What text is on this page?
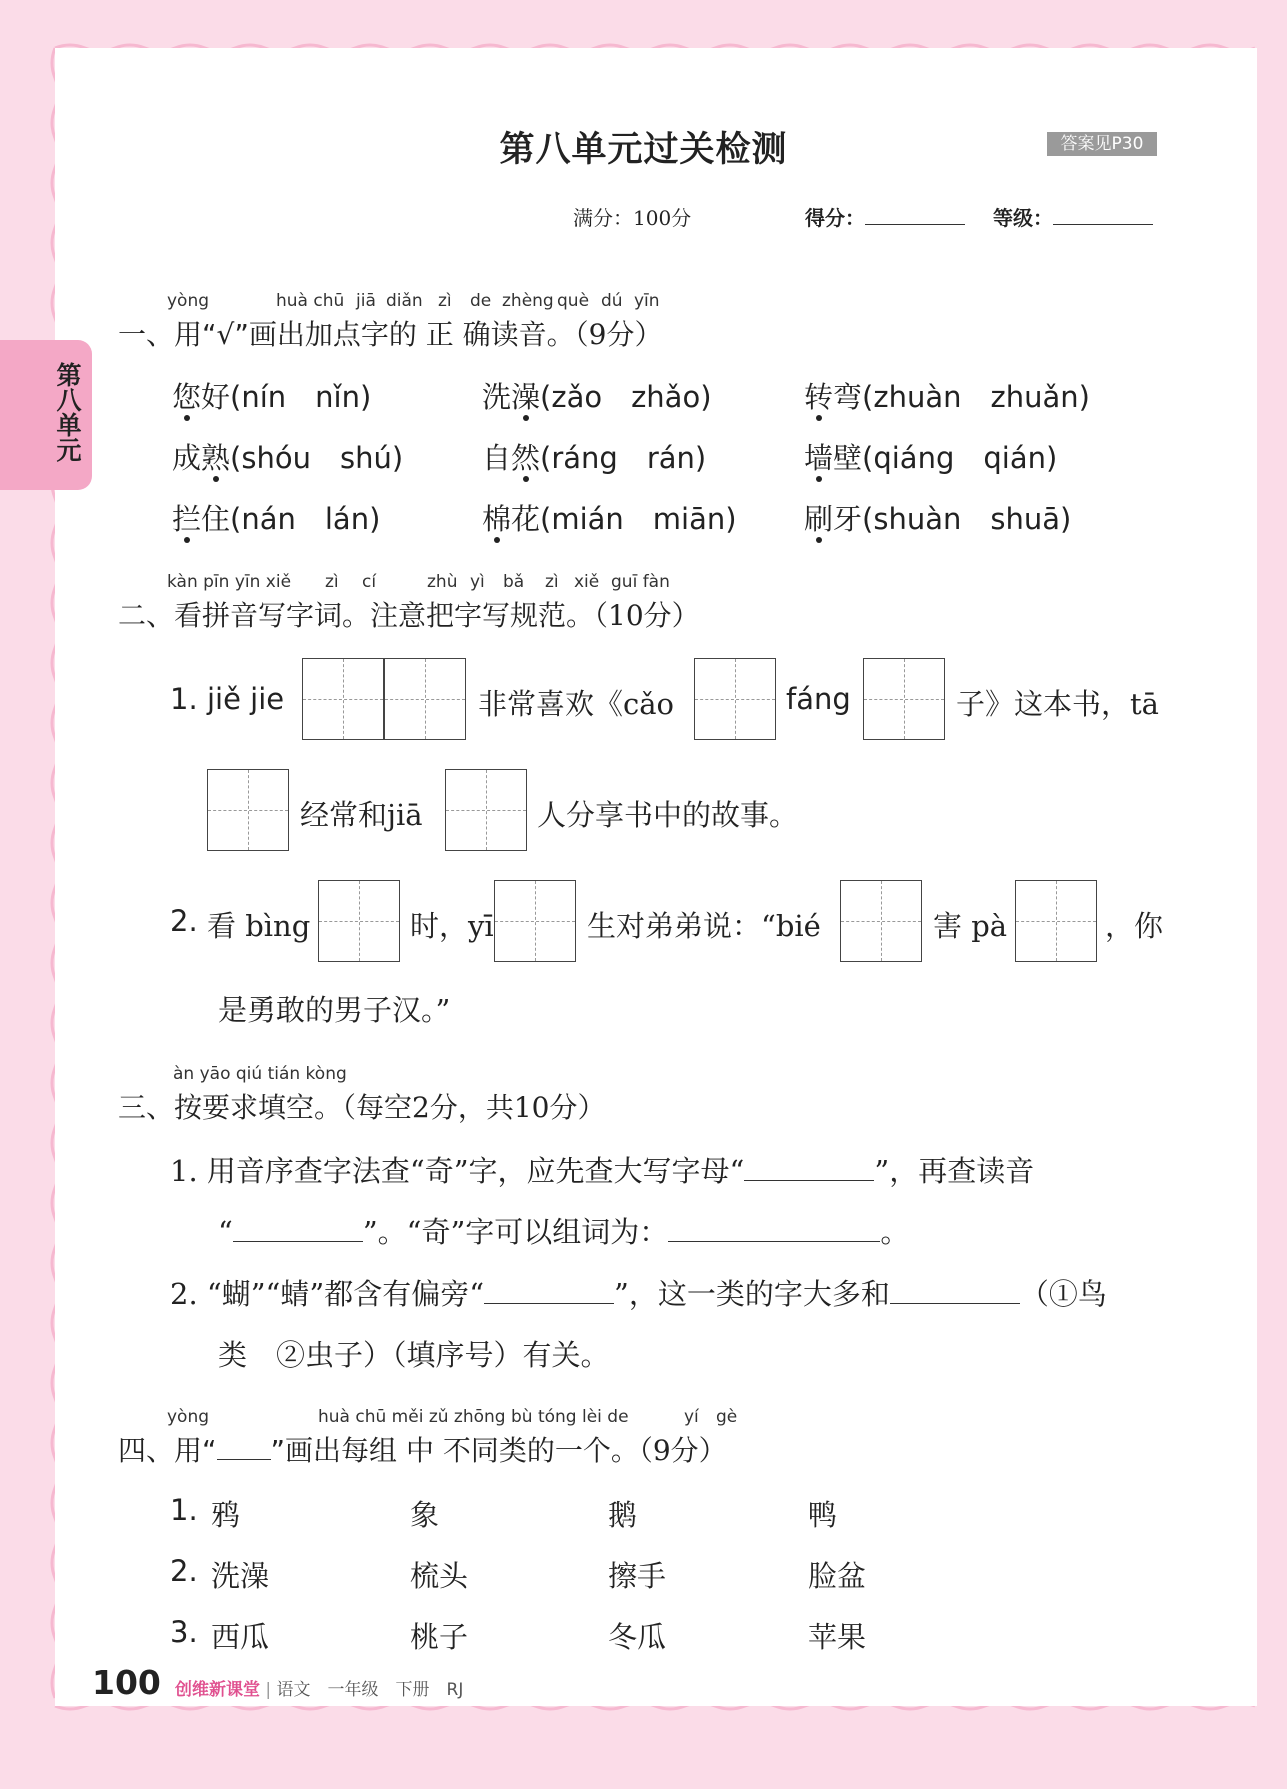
第八单元
第八单元过关检测	答案见P30
满分：100分	得分：	等级：
yòng	huà chū jiā diǎn zì de zhèng què dú yīn
一、用“√”画出加点字的 正 确读音。（9分）
您好(nín　nǐn)	洗澡(zǎo　zhǎo)	转弯(zhuàn　zhuǎn)
成熟(shóu　shú)	自然(ráng　rán)	墙壁(qiáng　qián)
拦住(nán　lán)	棉花(mián　miān) 刷牙(shuàn　shuā)
kàn pīn yīn xiě zì cí	zhù yì bǎ zì xiě guī fàn
二、看拼音写字词。注意把字写规范。（10分）
1. jiě jie	非常喜欢《cǎo	fáng	子》这本书，tā
经常和jiā	人分享书中的故事。
2. 看 bìng	时，yī	生对弟弟说：“bié	害 pà	，你
是勇敢的男子汉。”
àn yāo qiú tián kòng
三、按要求填空。（每空2分，共10分）
1. 用音序查字法查“奇”字，应先查大写字母“	”，再查读音
“	”。“奇”字可以组词为：	。
2. “蝴”“蜻”都含有偏旁“	”，这一类的字大多和	（①鸟
类　②虫子）（填序号）有关。
yòng	huà chū měi zǔ zhōng bù tóng lèi de	yí gè
四、用“ ”画出每组 中 不同类的一个。（9分）
1. 鸦	象	鹅	鸭
2. 洗澡	梳头	擦手	脸盆
3. 西瓜	桃子	冬瓜	苹果
100 创维新课堂 | 语文　一年级　下册　RJ
